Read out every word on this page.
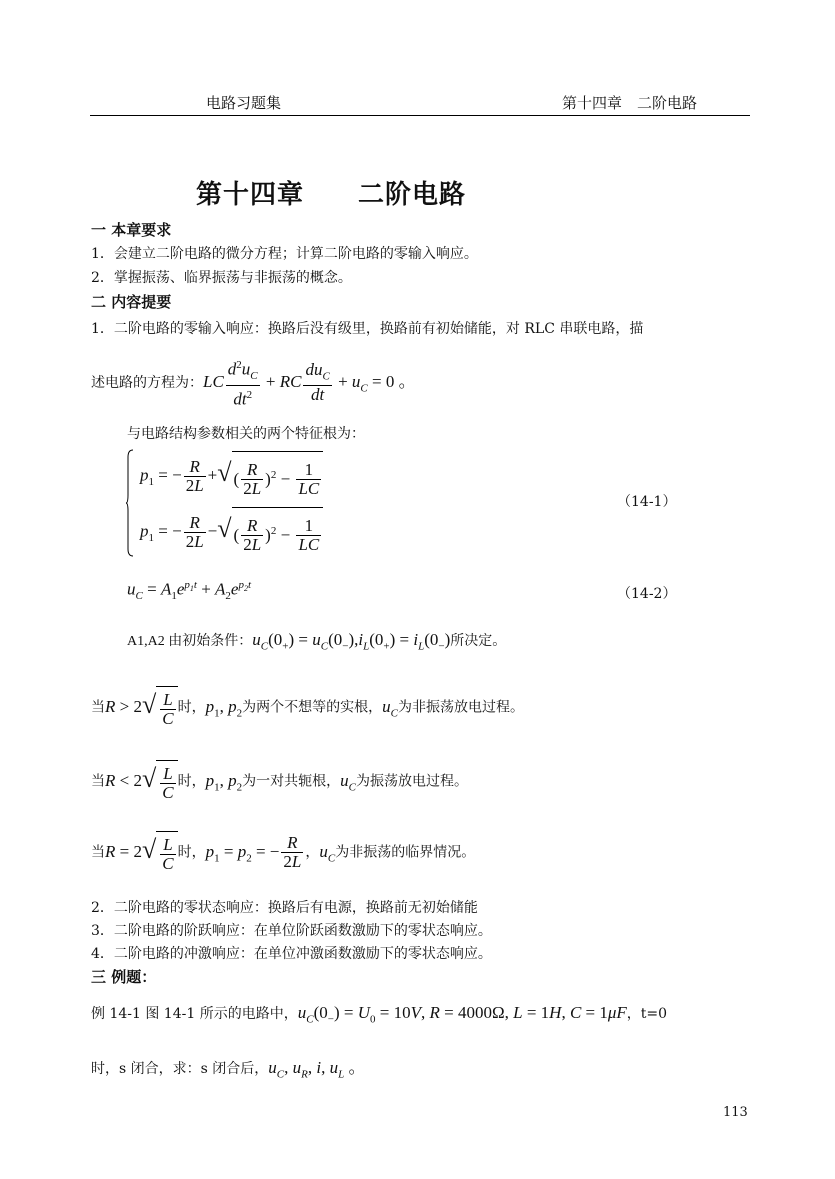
电路习题集	第十四章　二阶电路
第十四章　　二阶电路
一 本章要求
1．会建立二阶电路的微分方程；计算二阶电路的零输入响应。
2．掌握振荡、临界振荡与非振荡的概念。
二 内容提要
1．二阶电路的零输入响应：换路后没有级里，换路前有初始储能，对 RLC 串联电路，描
述电路的方程为：LC $\frac{d^2u_C}{dt^2}$ + RC $\frac{du_C}{dt} + u_C = 0$ 。
与电路结构参数相关的两个特征根为：
$p_1$ = − $\frac{R}{2L}$ +√ ( $\frac{R}{2L} )^2 - \frac{1}{LC}$
$p_1$ = − $\frac{R}{2L}$ −√ ( $\frac{R}{2L} )^2 - \frac{1}{LC}$
（14-1）
$u_C = A_1e^{p_1t} + A_2e^{p_2t}$
（14-2）
A1,A2 由初始条件：$u_C(0_+) = u_C(0_-),i_L(0_+) = i_L(0_-)$所决定。
当$R > 2√ \frac{L}{C}$ 时，$p_1$, $p_2$为两个不想等的实根，$u_C$为非振荡放电过程。
当$R < 2√ \frac{L}{C}$ 时，$p_1$, $p_2$为一对共轭根，$u_C$为振荡放电过程。
当$R = 2√ \frac{L}{C}$ 时，$p_1 = p_2$ = − $\frac{R}{2L}$ ，$u_C$为非振荡的临界情况。
2．二阶电路的零状态响应：换路后有电源，换路前无初始储能
3．二阶电路的阶跃响应：在单位阶跃函数激励下的零状态响应。
4．二阶电路的冲激响应：在单位冲激函数激励下的零状态响应。
三 例题：
例 14-1 图 14-1 所示的电路中，$u_C(0_-) = U_0 = 10V$, R = 4000Ω, L = 1H, C = 1μF，t=0
时，s 闭合，求：s 闭合后，$u_C$, $u_R$, i, $u_L$ 。
113
